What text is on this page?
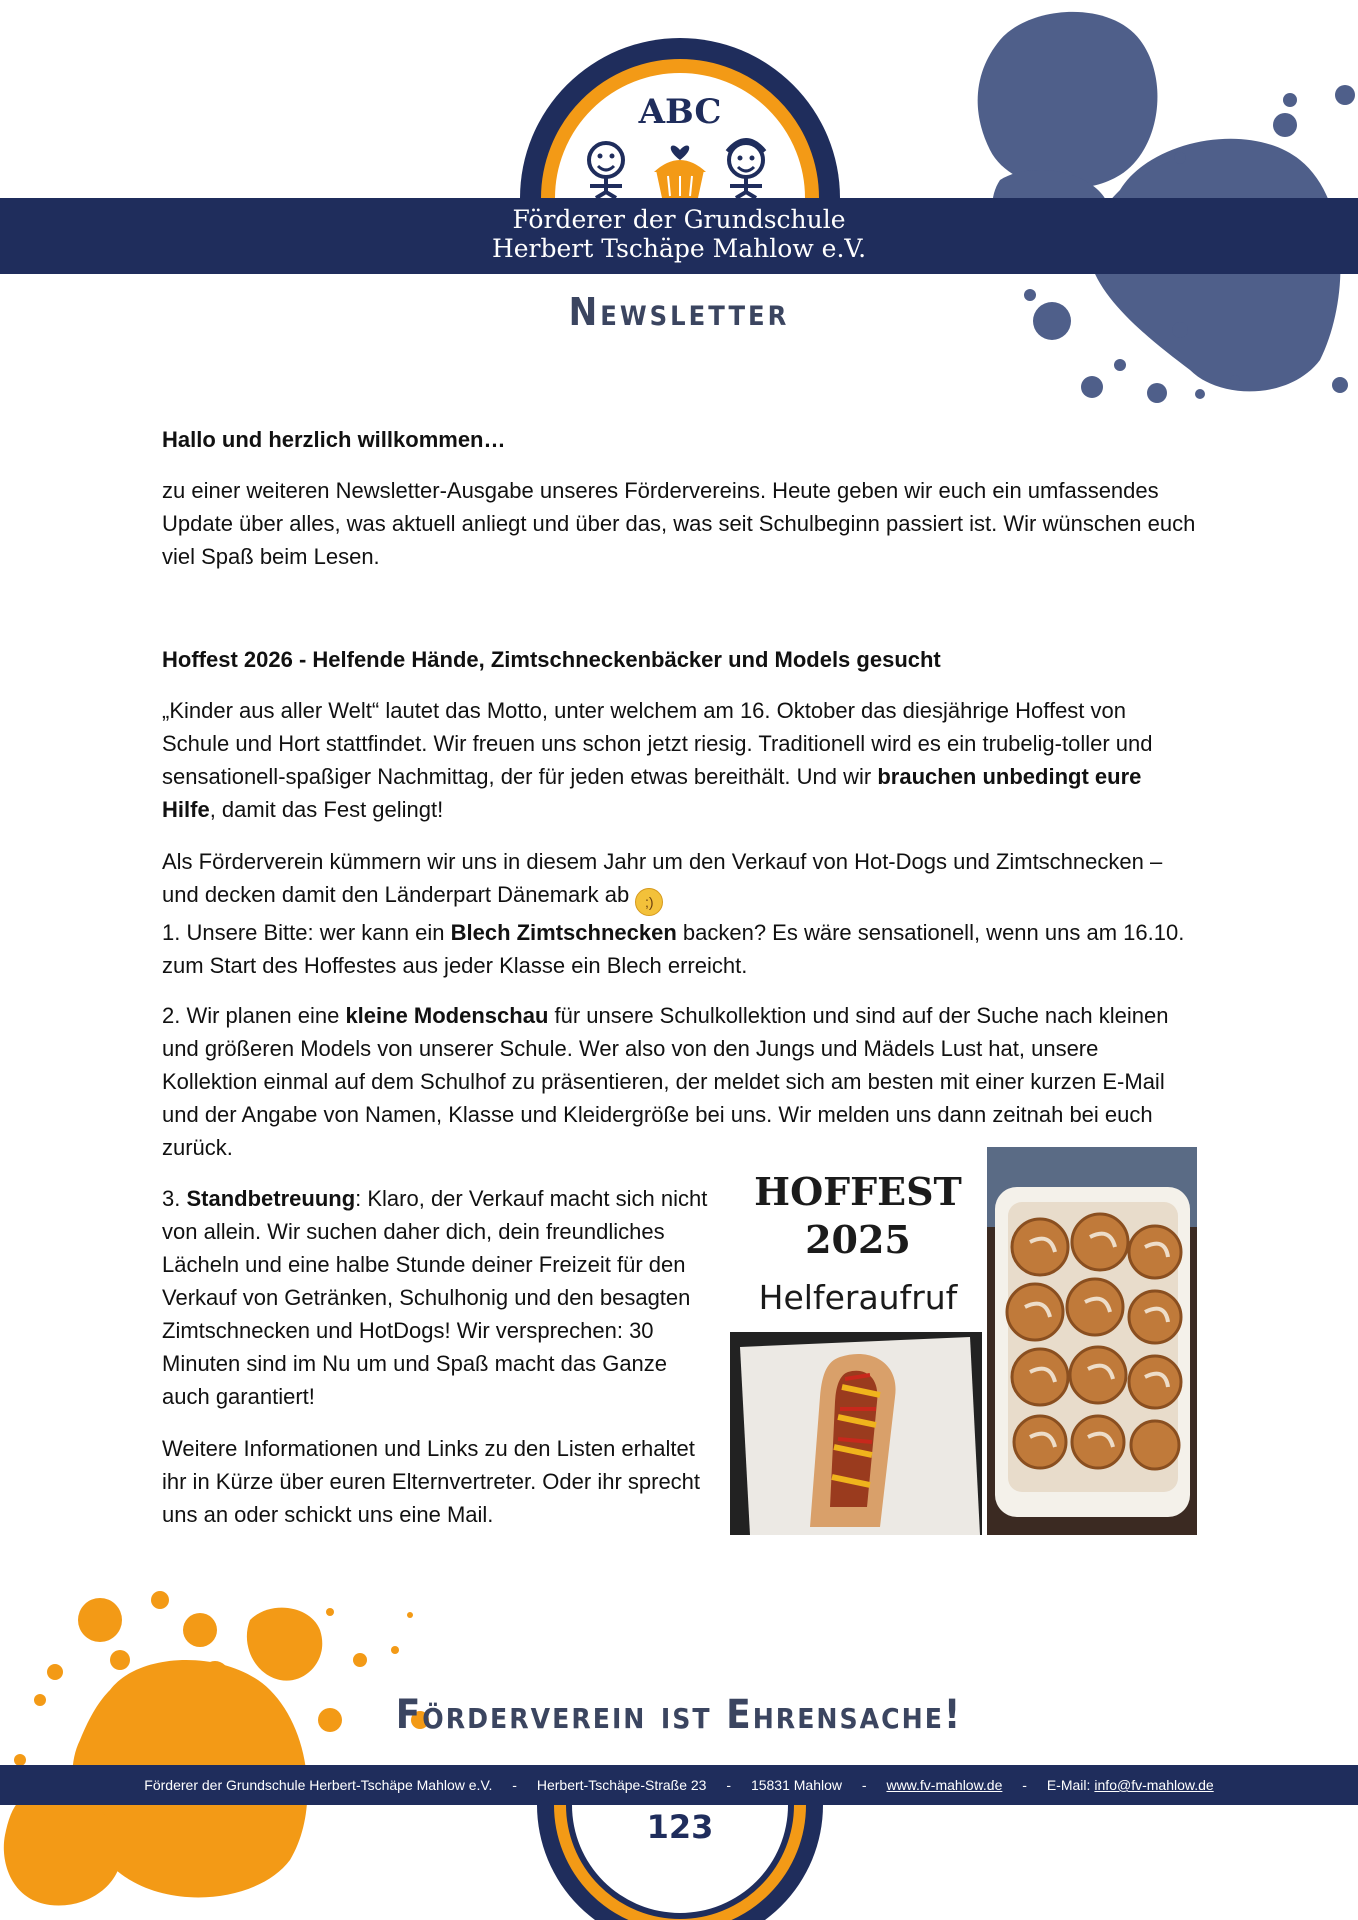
ABC
Förderer der Grundschule
Herbert Tschäpe Mahlow e.V.
Newsletter

Hallo und herzlich willkommen…

zu einer weiteren Newsletter-Ausgabe unseres Fördervereins. Heute geben wir euch ein umfassendes Update über alles, was aktuell anliegt und über das, was seit Schulbeginn passiert ist. Wir wünschen euch viel Spaß beim Lesen.

Hoffest 2026 - Helfende Hände, Zimtschneckenbäcker und Models gesucht

„Kinder aus aller Welt“ lautet das Motto, unter welchem am 16. Oktober das diesjährige Hoffest von Schule und Hort stattfindet. Wir freuen uns schon jetzt riesig. Traditionell wird es ein trubelig-toller und sensationell-spaßiger Nachmittag, der für jeden etwas bereithält. Und wir brauchen unbedingt eure Hilfe, damit das Fest gelingt!

Als Förderverein kümmern wir uns in diesem Jahr um den Verkauf von Hot-Dogs und Zimtschnecken – und decken damit den Länderpart Dänemark ab ;)
1. Unsere Bitte: wer kann ein Blech Zimtschnecken backen? Es wäre sensationell, wenn uns am 16.10. zum Start des Hoffestes aus jeder Klasse ein Blech erreicht.

2. Wir planen eine kleine Modenschau für unsere Schulkollektion und sind auf der Suche nach kleinen und größeren Models von unserer Schule. Wer also von den Jungs und Mädels Lust hat, unsere Kollektion einmal auf dem Schulhof zu präsentieren, der meldet sich am besten mit einer kurzen E-Mail und der Angabe von Namen, Klasse und Kleidergröße bei uns. Wir melden uns dann zeitnah bei euch zurück.

3. Standbetreuung: Klaro, der Verkauf macht sich nicht von allein. Wir suchen daher dich, dein freundliches Lächeln und eine halbe Stunde deiner Freizeit für den Verkauf von Getränken, Schulhonig und den besagten Zimtschnecken und HotDogs! Wir versprechen: 30 Minuten sind im Nu um und Spaß macht das Ganze auch garantiert!

Weitere Informationen und Links zu den Listen erhaltet ihr in Kürze über euren Elternvertreter. Oder ihr sprecht uns an oder schickt uns eine Mail.

HOFFEST
2025
Helferaufruf
Förderverein ist Ehrensache!
Förderer der Grundschule Herbert-Tschäpe Mahlow e.V. - Herbert-Tschäpe-Straße 23 - 15831 Mahlow - www.fv-mahlow.de - E-Mail: info@fv-mahlow.de
123
